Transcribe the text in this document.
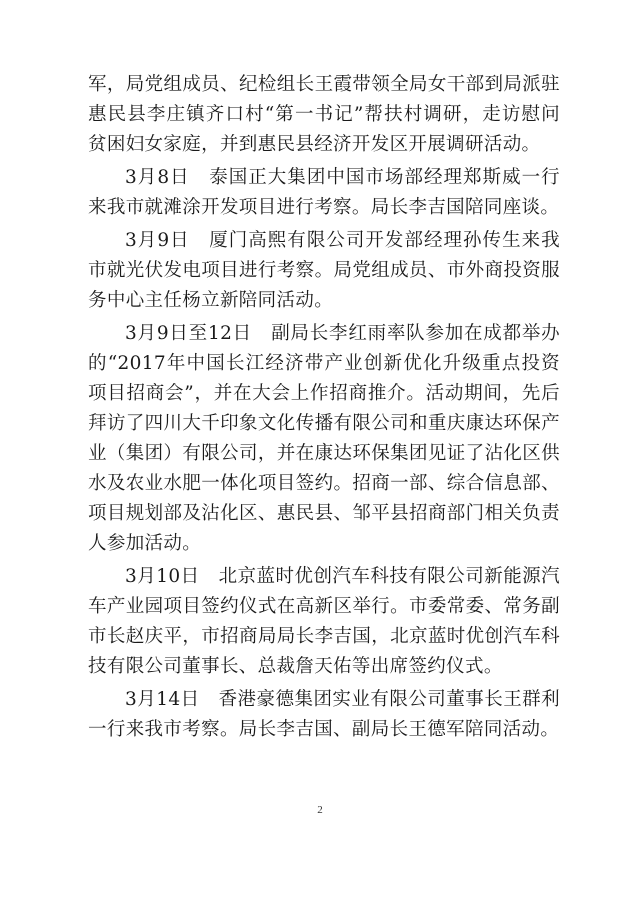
军，局党组成员、纪检组长王霞带领全局女干部到局派驻惠民县李庄镇齐口村“第一书记”帮扶村调研，走访慰问贫困妇女家庭，并到惠民县经济开发区开展调研活动。

3月8日  泰国正大集团中国市场部经理郑斯威一行来我市就滩涂开发项目进行考察。局长李吉国陪同座谈。

3月9日  厦门高煕有限公司开发部经理孙传生来我市就光伏发电项目进行考察。局党组成员、市外商投资服务中心主任杨立新陪同活动。

3月9日至12日  副局长李红雨率队参加在成都举办的“2017年中国长江经济带产业创新优化升级重点投资项目招商会”，并在大会上作招商推介。活动期间，先后拜访了四川大千印象文化传播有限公司和重庆康达环保产业（集团）有限公司，并在康达环保集团见证了沾化区供水及农业水肥一体化项目签约。招商一部、综合信息部、项目规划部及沾化区、惠民县、邹平县招商部门相关负责人参加活动。

3月10日  北京蓝时优创汽车科技有限公司新能源汽车产业园项目签约仪式在高新区举行。市委常委、常务副市长赵庆平，市招商局局长李吉国，北京蓝时优创汽车科技有限公司董事长、总裁詹天佑等出席签约仪式。

3月14日  香港豪德集团实业有限公司董事长王群利一行来我市考察。局长李吉国、副局长王德军陪同活动。

2
